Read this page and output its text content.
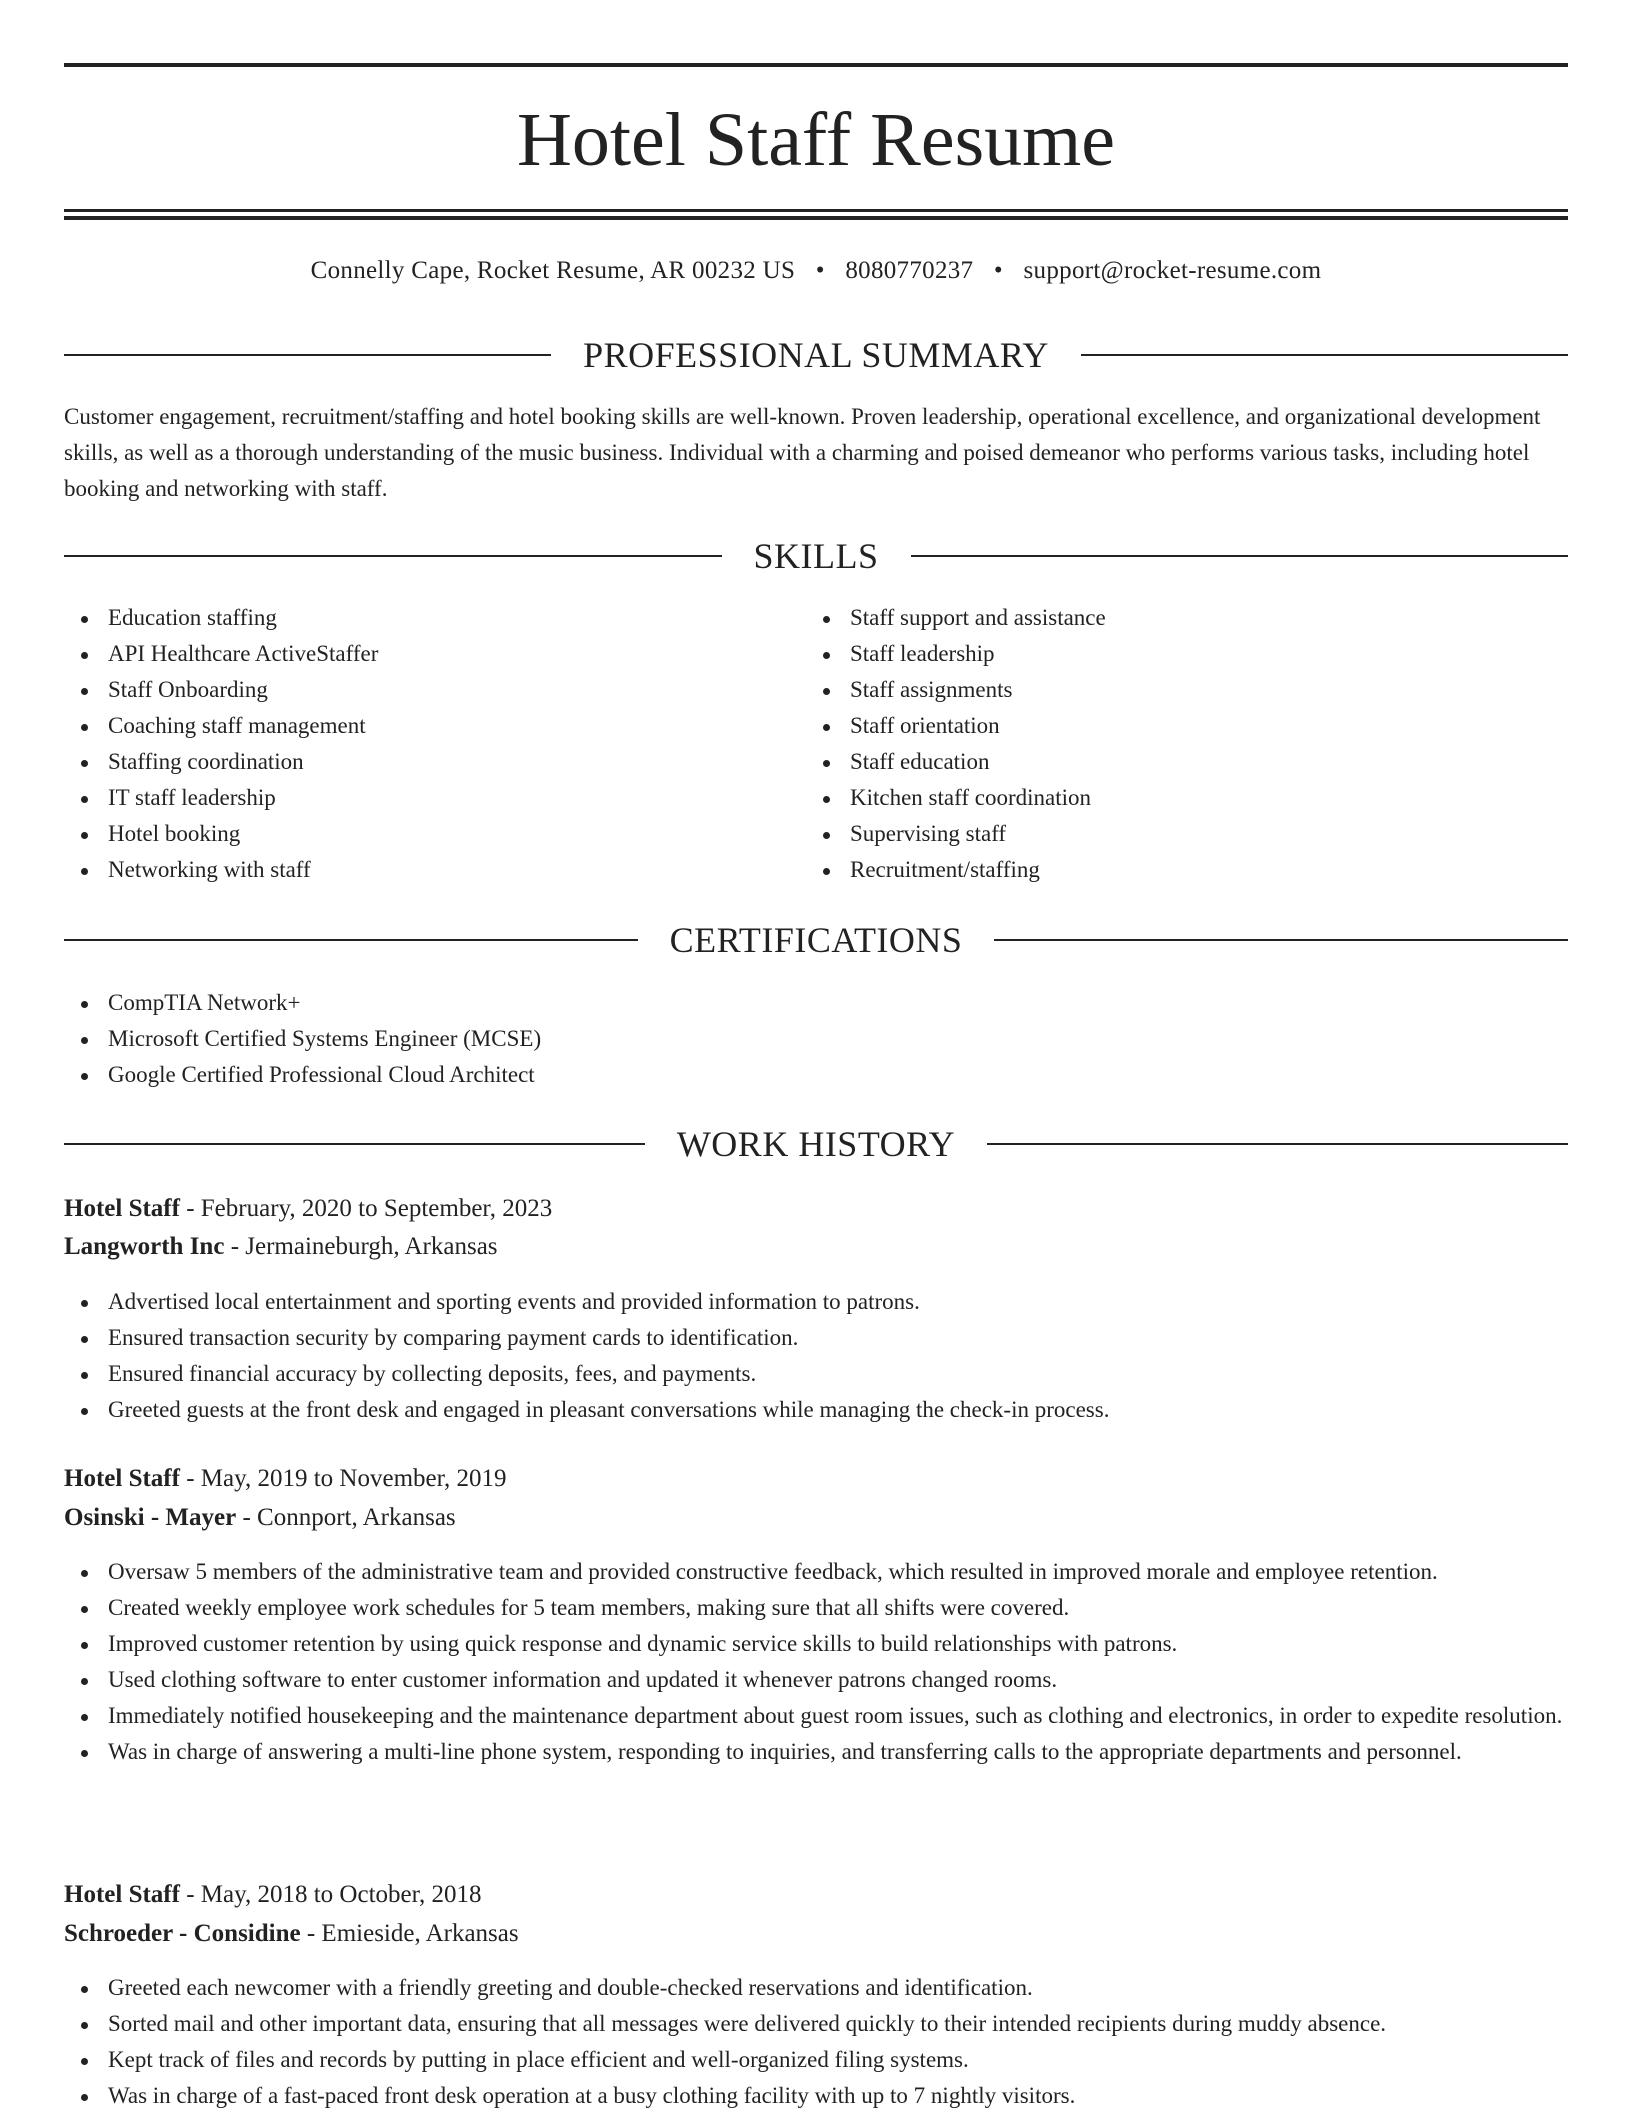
Hotel Staff Resume
Connelly Cape, Rocket Resume, AR 00232 US • 8080770237 • support@rocket-resume.com
PROFESSIONAL SUMMARY
Customer engagement, recruitment/staffing and hotel booking skills are well-known. Proven leadership, operational excellence, and organizational development skills, as well as a thorough understanding of the music business. Individual with a charming and poised demeanor who performs various tasks, including hotel booking and networking with staff.
SKILLS
Education staffing
API Healthcare ActiveStaffer
Staff Onboarding
Coaching staff management
Staffing coordination
IT staff leadership
Hotel booking
Networking with staff
Staff support and assistance
Staff leadership
Staff assignments
Staff orientation
Staff education
Kitchen staff coordination
Supervising staff
Recruitment/staffing
CERTIFICATIONS
CompTIA Network+
Microsoft Certified Systems Engineer (MCSE)
Google Certified Professional Cloud Architect
WORK HISTORY
Hotel Staff - February, 2020 to September, 2023
Langworth Inc - Jermaineburgh, Arkansas
Advertised local entertainment and sporting events and provided information to patrons.
Ensured transaction security by comparing payment cards to identification.
Ensured financial accuracy by collecting deposits, fees, and payments.
Greeted guests at the front desk and engaged in pleasant conversations while managing the check-in process.
Hotel Staff - May, 2019 to November, 2019
Osinski - Mayer - Connport, Arkansas
Oversaw 5 members of the administrative team and provided constructive feedback, which resulted in improved morale and employee retention.
Created weekly employee work schedules for 5 team members, making sure that all shifts were covered.
Improved customer retention by using quick response and dynamic service skills to build relationships with patrons.
Used clothing software to enter customer information and updated it whenever patrons changed rooms.
Immediately notified housekeeping and the maintenance department about guest room issues, such as clothing and electronics, in order to expedite resolution.
Was in charge of answering a multi-line phone system, responding to inquiries, and transferring calls to the appropriate departments and personnel.
Hotel Staff - May, 2018 to October, 2018
Schroeder - Considine - Emieside, Arkansas
Greeted each newcomer with a friendly greeting and double-checked reservations and identification.
Sorted mail and other important data, ensuring that all messages were delivered quickly to their intended recipients during muddy absence.
Kept track of files and records by putting in place efficient and well-organized filing systems.
Was in charge of a fast-paced front desk operation at a busy clothing facility with up to 7 nightly visitors.
